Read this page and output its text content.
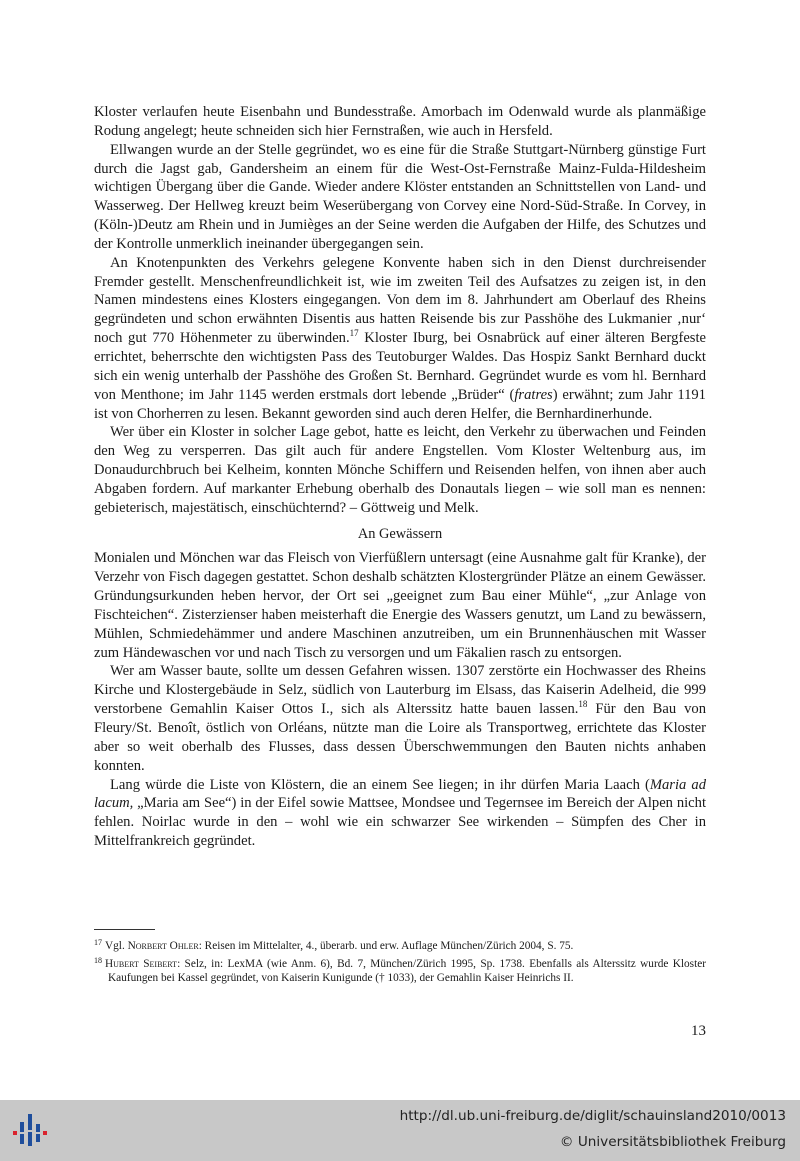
Kloster verlaufen heute Eisenbahn und Bundesstraße. Amorbach im Odenwald wurde als planmäßige Rodung angelegt; heute schneiden sich hier Fernstraßen, wie auch in Hersfeld.

Ellwangen wurde an der Stelle gegründet, wo es eine für die Straße Stuttgart-Nürnberg günstige Furt durch die Jagst gab, Gandersheim an einem für die West-Ost-Fernstraße Mainz-Fulda-Hildesheim wichtigen Übergang über die Gande. Wieder andere Klöster entstanden an Schnittstellen von Land- und Wasserweg. Der Hellweg kreuzt beim Weserübergang von Corvey eine Nord-Süd-Straße. In Corvey, in (Köln-)Deutz am Rhein und in Jumièges an der Seine werden die Aufgaben der Hilfe, des Schutzes und der Kontrolle unmerklich ineinander übergegangen sein.

An Knotenpunkten des Verkehrs gelegene Konvente haben sich in den Dienst durchreisender Fremder gestellt. Menschenfreundlichkeit ist, wie im zweiten Teil des Aufsatzes zu zeigen ist, in den Namen mindestens eines Klosters eingegangen. Von dem im 8. Jahrhundert am Oberlauf des Rheins gegründeten und schon erwähnten Disentis aus hatten Reisende bis zur Passhöhe des Lukmanier ‚nur‘ noch gut 770 Höhenmeter zu überwinden.$^{17}$ Kloster Iburg, bei Osnabrück auf einer älteren Bergfeste errichtet, beherrschte den wichtigsten Pass des Teutoburger Waldes. Das Hospiz Sankt Bernhard duckt sich ein wenig unterhalb der Passhöhe des Großen St. Bernhard. Gegründet wurde es vom hl. Bernhard von Menthone; im Jahr 1145 werden erstmals dort lebende „Brüder“ (fratres) erwähnt; zum Jahr 1191 ist von Chorherren zu lesen. Bekannt geworden sind auch deren Helfer, die Bernhardinerhunde.

Wer über ein Kloster in solcher Lage gebot, hatte es leicht, den Verkehr zu überwachen und Feinden den Weg zu versperren. Das gilt auch für andere Engstellen. Vom Kloster Weltenburg aus, im Donaudurchbruch bei Kelheim, konnten Mönche Schiffern und Reisenden helfen, von ihnen aber auch Abgaben fordern. Auf markanter Erhebung oberhalb des Donautals liegen – wie soll man es nennen: gebieterisch, majestätisch, einschüchternd? – Göttweig und Melk.

An Gewässern

Monialen und Mönchen war das Fleisch von Vierfüßlern untersagt (eine Ausnahme galt für Kranke), der Verzehr von Fisch dagegen gestattet. Schon deshalb schätzten Klostergründer Plätze an einem Gewässer. Gründungsurkunden heben hervor, der Ort sei „geeignet zum Bau einer Mühle“, „zur Anlage von Fischteichen“. Zisterzienser haben meisterhaft die Energie des Wassers genutzt, um Land zu bewässern, Mühlen, Schmiedehämmer und andere Maschinen anzutreiben, um ein Brunnenhäuschen mit Wasser zum Händewaschen vor und nach Tisch zu versorgen und um Fäkalien rasch zu entsorgen.

Wer am Wasser baute, sollte um dessen Gefahren wissen. 1307 zerstörte ein Hochwasser des Rheins Kirche und Klostergebäude in Selz, südlich von Lauterburg im Elsass, das Kaiserin Adelheid, die 999 verstorbene Gemahlin Kaiser Ottos I., sich als Alterssitz hatte bauen lassen.$^{18}$ Für den Bau von Fleury/St. Benoît, östlich von Orléans, nützte man die Loire als Transportweg, errichtete das Kloster aber so weit oberhalb des Flusses, dass dessen Überschwemmungen den Bauten nichts anhaben konnten.

Lang würde die Liste von Klöstern, die an einem See liegen; in ihr dürfen Maria Laach (Maria ad lacum, „Maria am See“) in der Eifel sowie Mattsee, Mondsee und Tegernsee im Bereich der Alpen nicht fehlen. Noirlac wurde in den – wohl wie ein schwarzer See wirkenden – Sümpfen des Cher in Mittelfrankreich gegründet.

$^{17}$ Vgl. Norbert Ohler: Reisen im Mittelalter, 4., überarb. und erw. Auflage München/Zürich 2004, S. 75.

$^{18}$ Hubert Seibert: Selz, in: LexMA (wie Anm. 6), Bd. 7, München/Zürich 1995, Sp. 1738. Ebenfalls als Alterssitz wurde Kloster Kaufungen bei Kassel gegründet, von Kaiserin Kunigunde († 1033), der Gemahlin Kaiser Heinrichs II.

13
http://dl.ub.uni-freiburg.de/diglit/schauinsland2010/0013
© Universitätsbibliothek Freiburg
